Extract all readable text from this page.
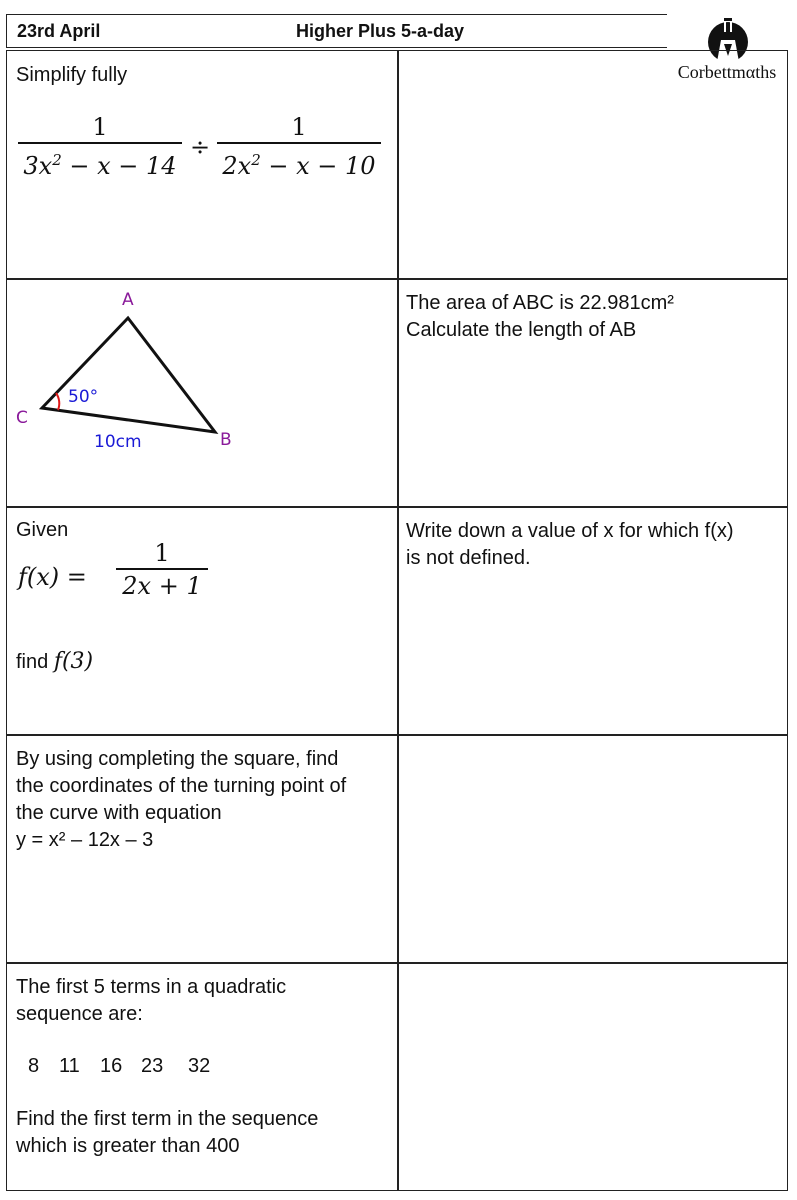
23rd April	Higher Plus 5-a-day
Corbettmαths
Simplify fully
1
$3x^2 - x - 14$
÷
1
$2x^2 - x - 10$
A
C
B
50°
10cm
The area of ABC is 22.981cm²
Calculate the length of AB
Given
f(x) =
1
2x + 1
find f(3)
Write down a value of x for which f(x)
is not defined.
By using completing the square, find
the coordinates of the turning point of
the curve with equation
y = x² – 12x – 3
The first 5 terms in a quadratic
sequence are:
8 11 16 23 32
Find the first term in the sequence
which is greater than 400
